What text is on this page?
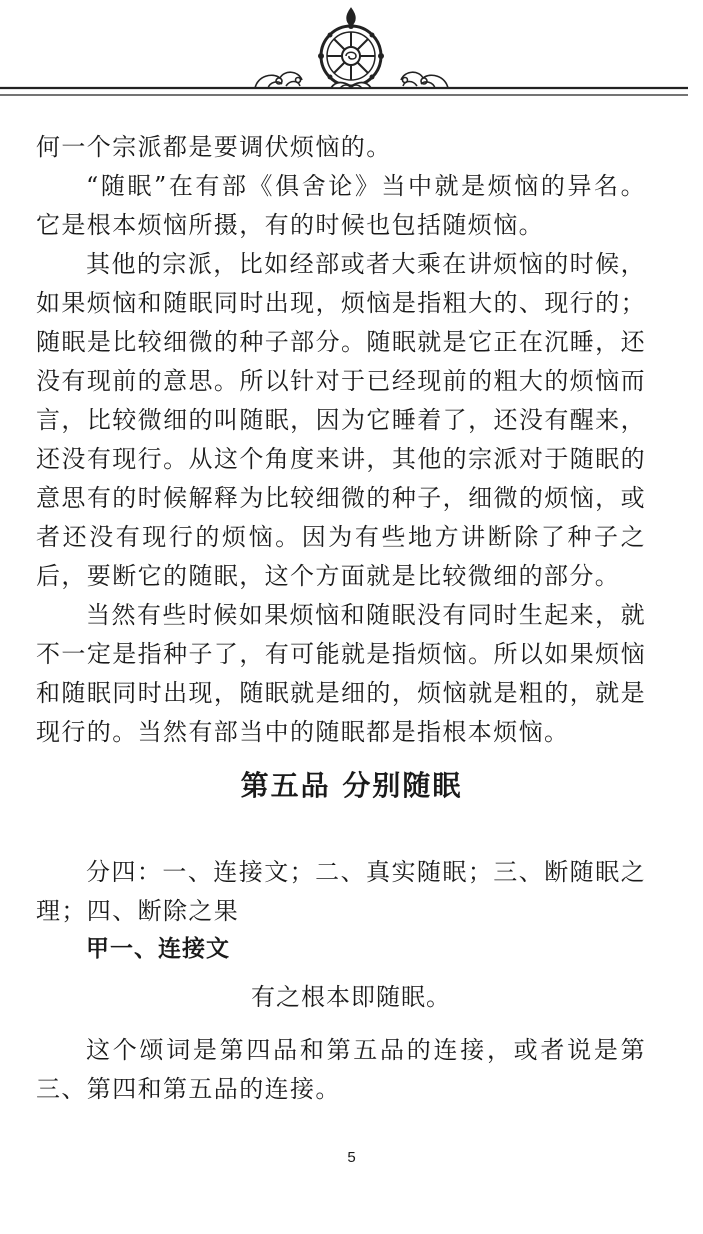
何一个宗派都是要调伏烦恼的。

“随眠”在有部《俱舍论》当中就是烦恼的异名。它是根本烦恼所摄，有的时候也包括随烦恼。

其他的宗派，比如经部或者大乘在讲烦恼的时候，如果烦恼和随眠同时出现，烦恼是指粗大的、现行的；随眠是比较细微的种子部分。随眠就是它正在沉睡，还没有现前的意思。所以针对于已经现前的粗大的烦恼而言，比较微细的叫随眠，因为它睡着了，还没有醒来，还没有现行。从这个角度来讲，其他的宗派对于随眠的意思有的时候解释为比较细微的种子，细微的烦恼，或者还没有现行的烦恼。因为有些地方讲断除了种子之后，要断它的随眠，这个方面就是比较微细的部分。

当然有些时候如果烦恼和随眠没有同时生起来，就不一定是指种子了，有可能就是指烦恼。所以如果烦恼和随眠同时出现，随眠就是细的，烦恼就是粗的，就是现行的。当然有部当中的随眠都是指根本烦恼。

第五品 分别随眠

分四：一、连接文；二、真实随眠；三、断随眠之理；四、断除之果

甲一、连接文

有之根本即随眠。

这个颂词是第四品和第五品的连接，或者说是第三、第四和第五品的连接。

5
